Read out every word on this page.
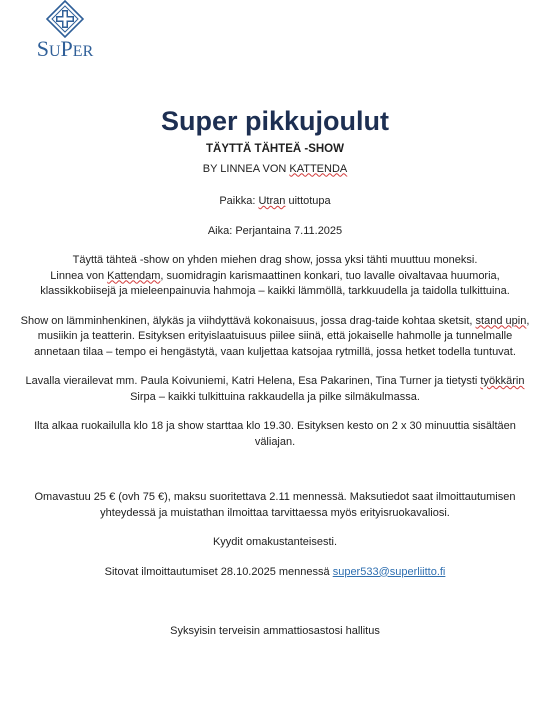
SUPER
Super pikkujoulut
TÄYTTÄ TÄHTEÄ -SHOW
BY LINNEA VON KATTENDA
Paikka: Utran uittotupa
Aika: Perjantaina 7.11.2025
Täyttä tähteä -show on yhden miehen drag show, jossa yksi tähti muuttuu moneksi.
Linnea von Kattendam, suomidragin karismaattinen konkari, tuo lavalle oivaltavaa huumoria, klassikkobiisejä ja mieleenpainuvia hahmoja – kaikki lämmöllä, tarkkuudella ja taidolla tulkittuina.
Show on lämminhenkinen, älykäs ja viihdyttävä kokonaisuus, jossa drag-taide kohtaa sketsit, stand upin, musiikin ja teatterin. Esityksen erityislaatuisuus piilee siinä, että jokaiselle hahmolle ja tunnelmalle annetaan tilaa – tempo ei hengästytä, vaan kuljettaa katsojaa rytmillä, jossa hetket todella tuntuvat.
Lavalla vierailevat mm. Paula Koivuniemi, Katri Helena, Esa Pakarinen, Tina Turner ja tietysti työkkärin Sirpa – kaikki tulkittuina rakkaudella ja pilke silmäkulmassa.
Ilta alkaa ruokailulla klo 18 ja show starttaa klo 19.30. Esityksen kesto on 2 x 30 minuuttia sisältäen väliajan.
Omavastuu 25 € (ovh 75 €), maksu suoritettava 2.11 mennessä. Maksutiedot saat ilmoittautumisen yhteydessä ja muistathan ilmoittaa tarvittaessa myös erityisruokavaliosi.
Kyydit omakustanteisesti.
Sitovat ilmoittautumiset 28.10.2025 mennessä super533@superliitto.fi
Syksyisin terveisin ammattiosastosi hallitus
